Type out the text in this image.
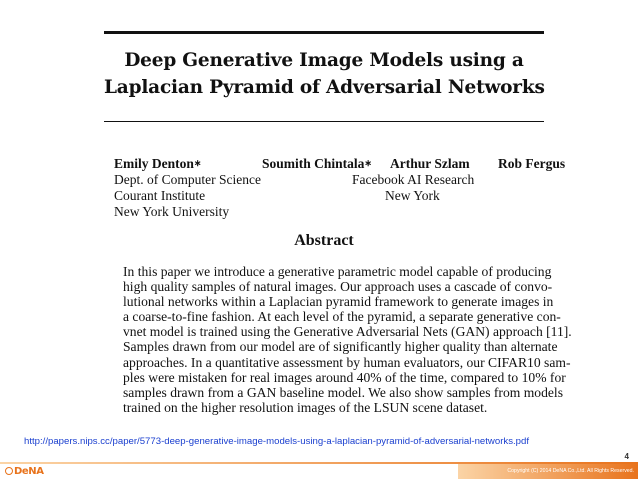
Deep Generative Image Models using a
Laplacian Pyramid of Adversarial Networks
Emily Denton∗
Dept. of Computer Science
Courant Institute
New York University
Soumith Chintala∗ Arthur Szlam
Facebook AI Research
New York
Rob Fergus
Abstract
In this paper we introduce a generative parametric model capable of producing
high quality samples of natural images. Our approach uses a cascade of convo-
lutional networks within a Laplacian pyramid framework to generate images in
a coarse-to-fine fashion. At each level of the pyramid, a separate generative con-
vnet model is trained using the Generative Adversarial Nets (GAN) approach [11].
Samples drawn from our model are of significantly higher quality than alternate
approaches. In a quantitative assessment by human evaluators, our CIFAR10 sam-
ples were mistaken for real images around 40% of the time, compared to 10% for
samples drawn from a GAN baseline model. We also show samples from models
trained on the higher resolution images of the LSUN scene dataset.
http://papers.nips.cc/paper/5773-deep-generative-image-models-using-a-laplacian-pyramid-of-adversarial-networks.pdf
4
DeNA	Copyright (C) 2014 DeNA Co.,Ltd. All Rights Reserved.
